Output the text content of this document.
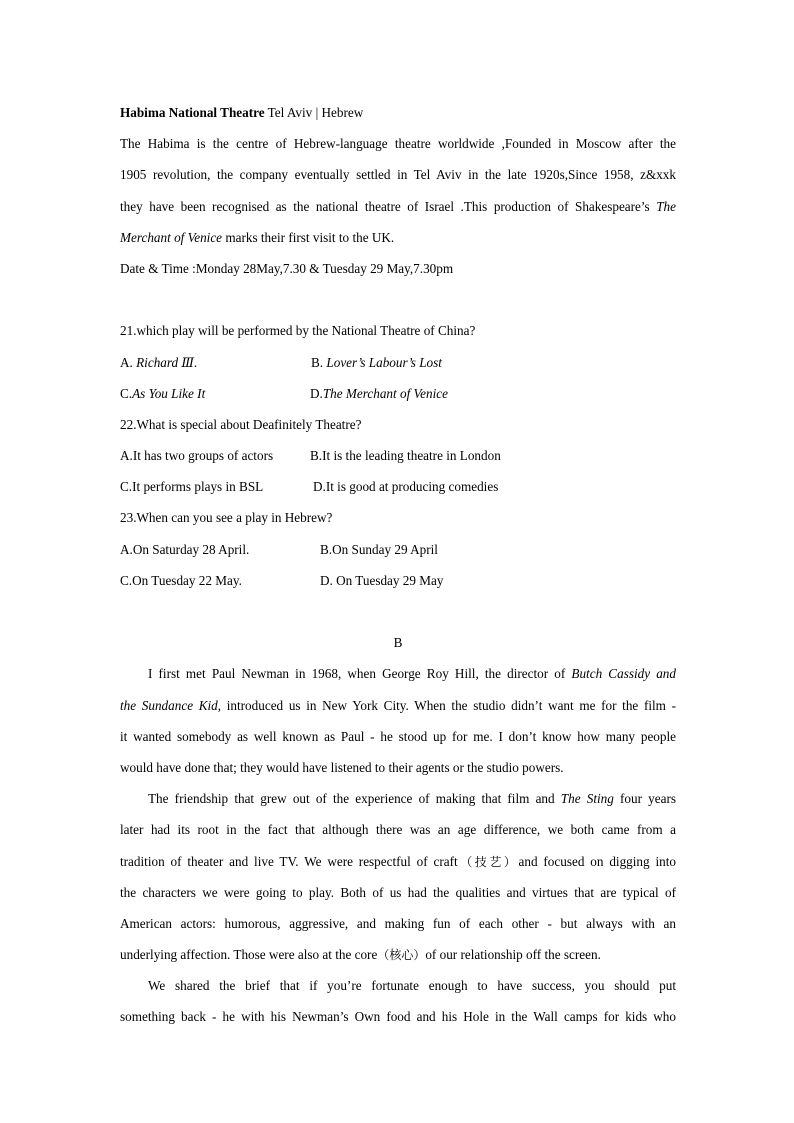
Habima National Theatre Tel Aviv | Hebrew
The Habima is the centre of Hebrew-language theatre worldwide ,Founded in Moscow after the
1905 revolution, the company eventually settled in Tel Aviv in the late 1920s,Since 1958, z&xxk
they have been recognised as the national theatre of Israel .This production of Shakespeare’s The
Merchant of Venice marks their first visit to the UK.
Date & Time :Monday 28May,7.30 & Tuesday 29 May,7.30pm
21.which play will be performed by the National Theatre of China?
A. Richard Ⅲ.	B. Lover’s Labour’s Lost
C.As You Like It	D.The Merchant of Venice
22.What is special about Deafinitely Theatre?
A.It has two groups of actors	B.It is the leading theatre in London
C.It performs plays in BSL	D.It is good at producing comedies
23.When can you see a play in Hebrew?
A.On Saturday 28 April.	B.On Sunday 29 April
C.On Tuesday 22 May.	D. On Tuesday 29 May
B
I first met Paul Newman in 1968, when George Roy Hill, the director of Butch Cassidy and
the Sundance Kid, introduced us in New York City. When the studio didn’t want me for the film -
it wanted somebody as well known as Paul - he stood up for me. I don’t know how many people
would have done that; they would have listened to their agents or the studio powers.
The friendship that grew out of the experience of making that film and The Sting four years
later had its root in the fact that although there was an age difference, we both came from a
tradition of theater and live TV. We were respectful of craft（技艺）and focused on digging into
the characters we were going to play. Both of us had the qualities and virtues that are typical of
American actors: humorous, aggressive, and making fun of each other - but always with an
underlying affection. Those were also at the core（核心）of our relationship off the screen.
We shared the brief that if you’re fortunate enough to have success, you should put
something back - he with his Newman’s Own food and his Hole in the Wall camps for kids who
